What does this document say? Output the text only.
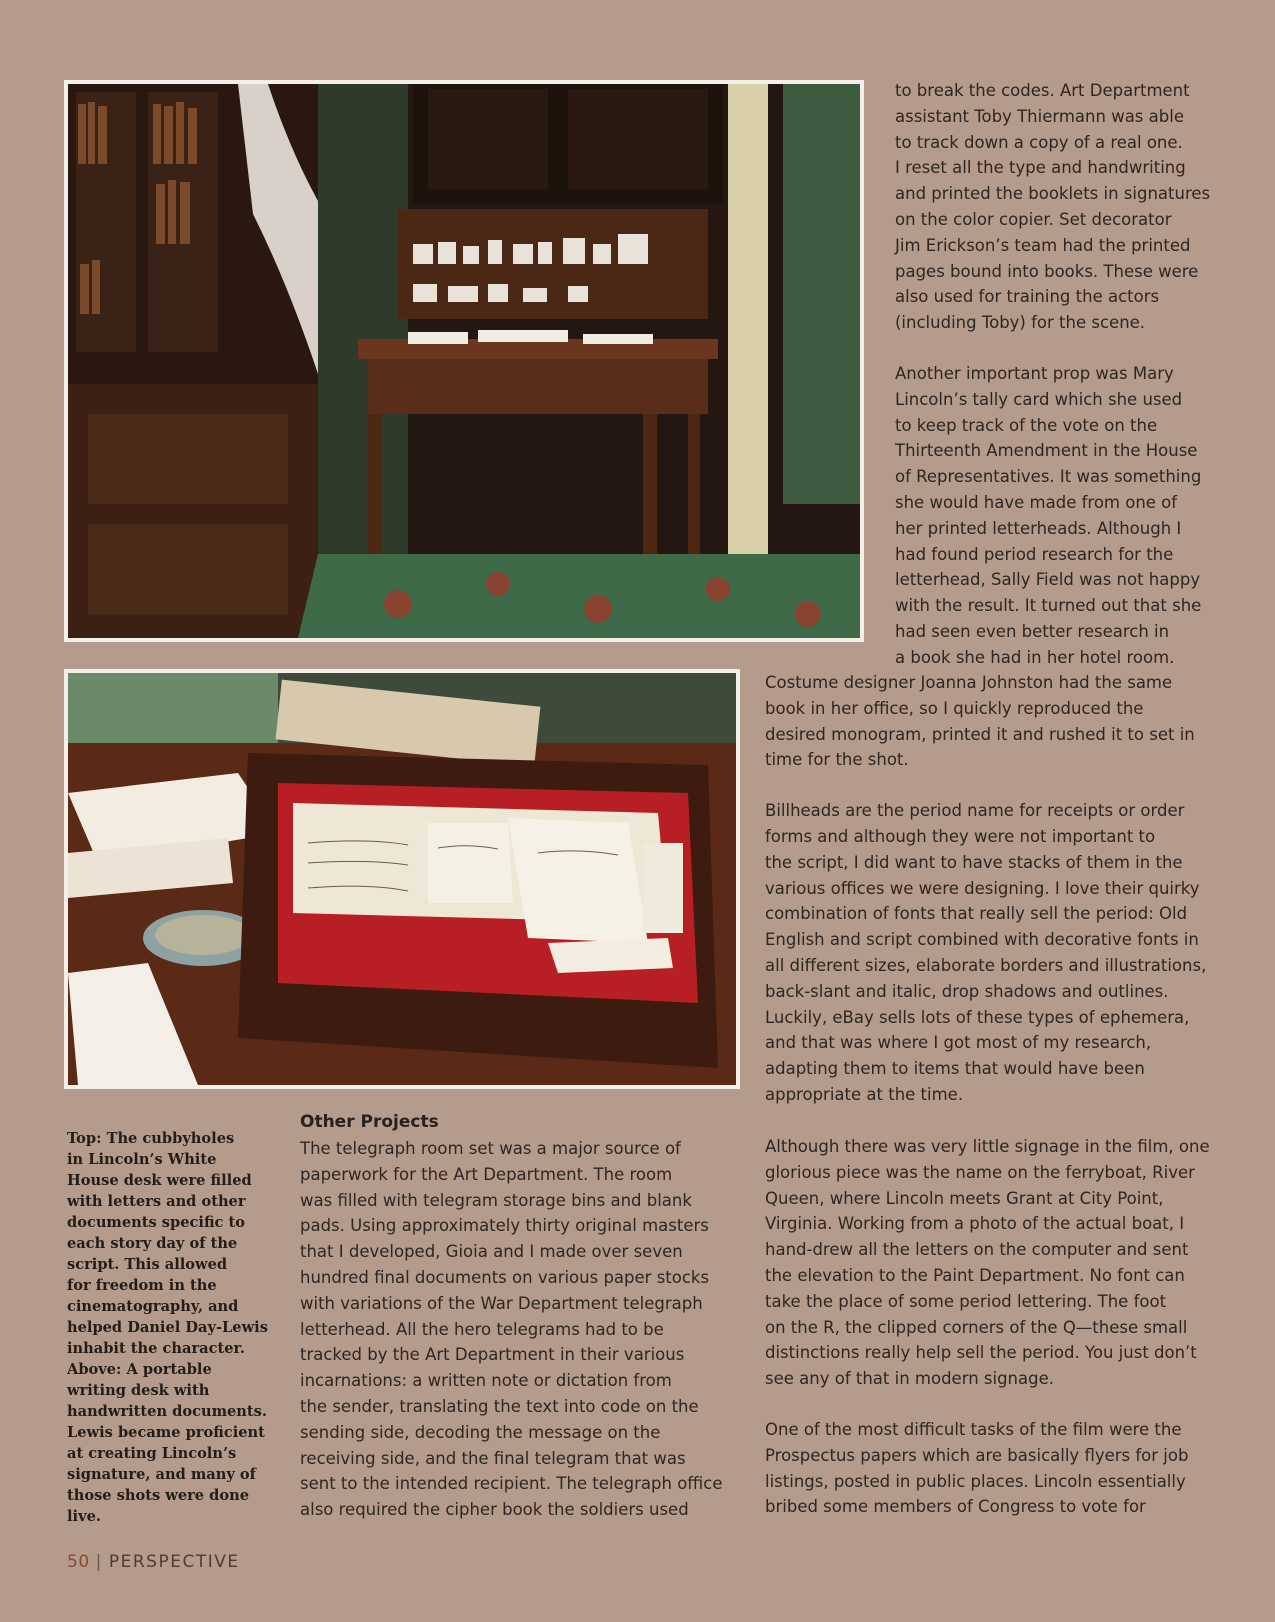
to break the codes. Art Department
assistant Toby Thiermann was able
to track down a copy of a real one.
I reset all the type and handwriting
and printed the booklets in signatures
on the color copier. Set decorator
Jim Erickson’s team had the printed
pages bound into books. These were
also used for training the actors
(including Toby) for the scene.

Another important prop was Mary
Lincoln’s tally card which she used
to keep track of the vote on the
Thirteenth Amendment in the House
of Representatives. It was something
she would have made from one of
her printed letterheads. Although I
had found period research for the
letterhead, Sally Field was not happy
with the result. It turned out that she
had seen even better research in
a book she had in her hotel room.

Costume designer Joanna Johnston had the same
book in her office, so I quickly reproduced the
desired monogram, printed it and rushed it to set in
time for the shot.

Billheads are the period name for receipts or order
forms and although they were not important to
the script, I did want to have stacks of them in the
various offices we were designing. I love their quirky
combination of fonts that really sell the period: Old
English and script combined with decorative fonts in
all different sizes, elaborate borders and illustrations,
back-slant and italic, drop shadows and outlines.
Luckily, eBay sells lots of these types of ephemera,
and that was where I got most of my research,
adapting them to items that would have been
appropriate at the time.

Although there was very little signage in the film, one
glorious piece was the name on the ferryboat, River
Queen, where Lincoln meets Grant at City Point,
Virginia. Working from a photo of the actual boat, I
hand-drew all the letters on the computer and sent
the elevation to the Paint Department. No font can
take the place of some period lettering. The foot
on the R, the clipped corners of the Q—these small
distinctions really help sell the period. You just don’t
see any of that in modern signage.

One of the most difficult tasks of the film were the
Prospectus papers which are basically flyers for job
listings, posted in public places. Lincoln essentially
bribed some members of Congress to vote for

Other Projects

The telegraph room set was a major source of
paperwork for the Art Department. The room
was filled with telegram storage bins and blank
pads. Using approximately thirty original masters
that I developed, Gioia and I made over seven
hundred final documents on various paper stocks
with variations of the War Department telegraph
letterhead. All the hero telegrams had to be
tracked by the Art Department in their various
incarnations: a written note or dictation from
the sender, translating the text into code on the
sending side, decoding the message on the
receiving side, and the final telegram that was
sent to the intended recipient. The telegraph office
also required the cipher book the soldiers used

Top: The cubbyholes
in Lincoln’s White
House desk were filled
with letters and other
documents specific to
each story day of the
script. This allowed
for freedom in the
cinematography, and
helped Daniel Day-Lewis
inhabit the character.
Above: A portable
writing desk with
handwritten documents.
Lewis became proficient
at creating Lincoln’s
signature, and many of
those shots were done
live.

50 | PERSPECTIVE
